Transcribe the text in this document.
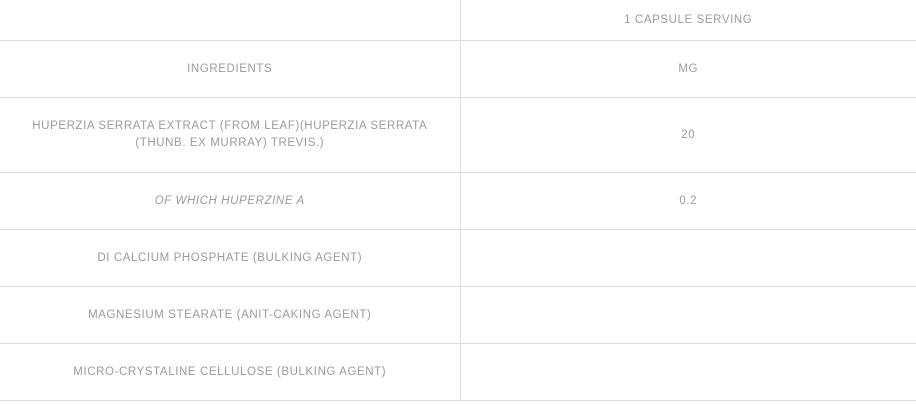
	1 CAPSULE SERVING
INGREDIENTS	MG
HUPERZIA SERRATA EXTRACT (FROM LEAF)(HUPERZIA SERRATA (THUNB. EX MURRAY) TREVIS.)	20
OF WHICH HUPERZINE A	0.2
DI CALCIUM PHOSPHATE (BULKING AGENT)	
MAGNESIUM STEARATE (ANIT-CAKING AGENT)	
MICRO-CRYSTALINE CELLULOSE (BULKING AGENT)	
